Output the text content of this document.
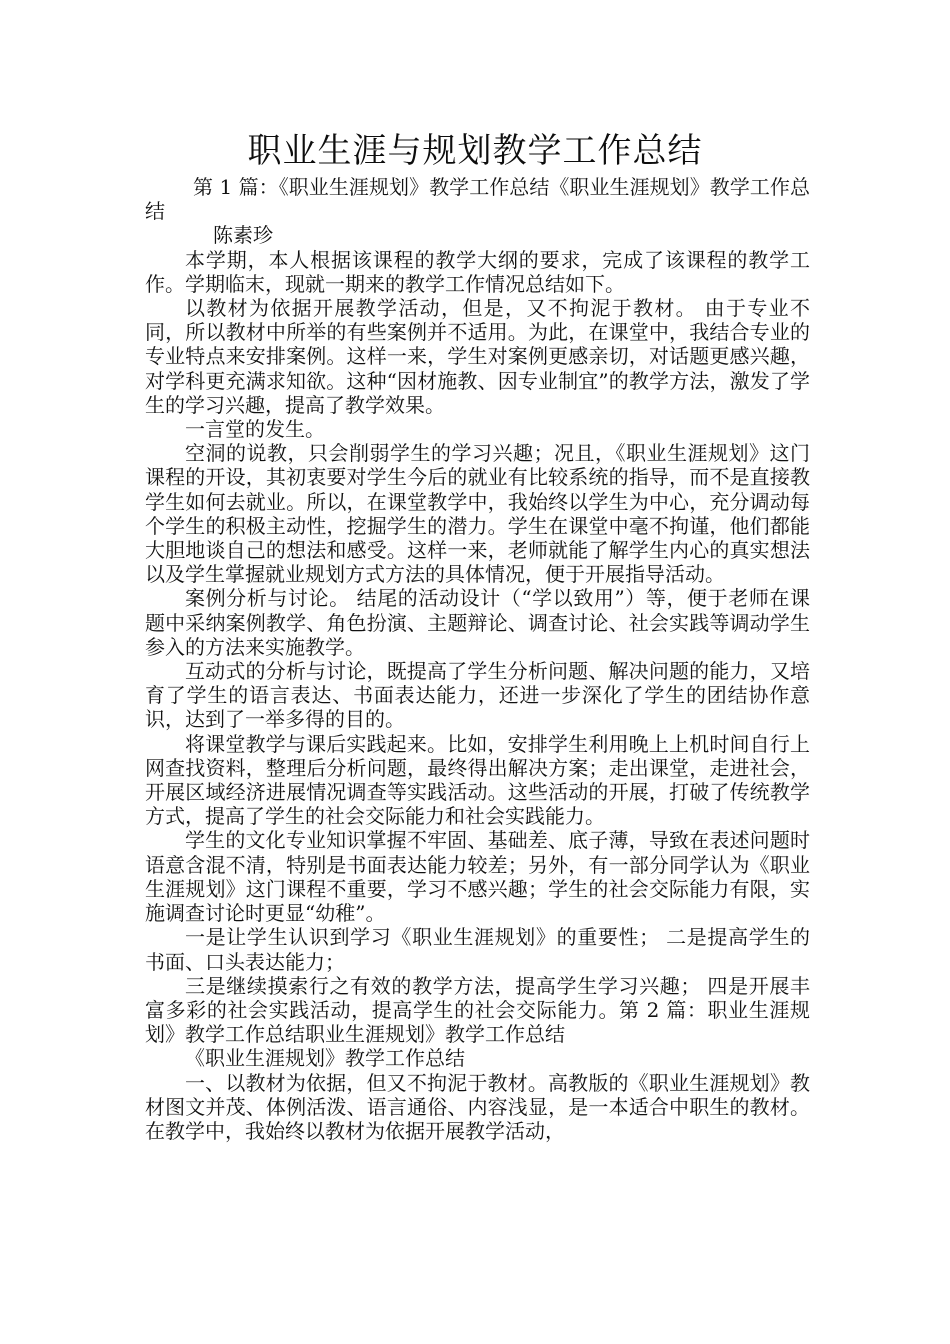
职业生涯与规划教学工作总结

第 1 篇：《职业生涯规划》教学工作总结《职业生涯规划》教学工作总结

陈素珍

本学期，本人根据该课程的教学大纲的要求，完成了该课程的教学工作。学期临末，现就一期来的教学工作情况总结如下。

以教材为依据开展教学活动，但是，又不拘泥于教材。 由于专业不同，所以教材中所举的有些案例并不适用。为此，在课堂中，我结合专业的专业特点来安排案例。这样一来，学生对案例更感亲切，对话题更感兴趣，对学科更充满求知欲。这种“因材施教、因专业制宜”的教学方法，激发了学生的学习兴趣，提高了教学效果。

一言堂的发生。

空洞的说教，只会削弱学生的学习兴趣；况且，《职业生涯规划》这门课程的开设，其初衷要对学生今后的就业有比较系统的指导，而不是直接教学生如何去就业。所以，在课堂教学中，我始终以学生为中心，充分调动每个学生的积极主动性，挖掘学生的潜力。学生在课堂中毫不拘谨，他们都能大胆地谈自己的想法和感受。这样一来，老师就能了解学生内心的真实想法以及学生掌握就业规划方式方法的具体情况，便于开展指导活动。

案例分析与讨论。 结尾的活动设计（“学以致用”）等，便于老师在课题中采纳案例教学、角色扮演、主题辩论、调查讨论、社会实践等调动学生参入的方法来实施教学。

互动式的分析与讨论，既提高了学生分析问题、解决问题的能力，又培育了学生的语言表达、书面表达能力，还进一步深化了学生的团结协作意识，达到了一举多得的目的。

将课堂教学与课后实践起来。比如，安排学生利用晚上上机时间自行上网查找资料，整理后分析问题，最终得出解决方案；走出课堂，走进社会，开展区域经济进展情况调查等实践活动。这些活动的开展，打破了传统教学方式，提高了学生的社会交际能力和社会实践能力。

学生的文化专业知识掌握不牢固、基础差、底子薄，导致在表述问题时语意含混不清，特别是书面表达能力较差；另外，有一部分同学认为《职业生涯规划》这门课程不重要，学习不感兴趣；学生的社会交际能力有限，实施调查讨论时更显“幼稚”。

一是让学生认识到学习《职业生涯规划》的重要性； 二是提高学生的书面、口头表达能力；

三是继续摸索行之有效的教学方法，提高学生学习兴趣； 四是开展丰富多彩的社会实践活动，提高学生的社会交际能力。第 2 篇：职业生涯规划》教学工作总结职业生涯规划》教学工作总结

《职业生涯规划》教学工作总结

一、以教材为依据，但又不拘泥于教材。高教版的《职业生涯规划》教材图文并茂、体例活泼、语言通俗、内容浅显，是一本适合中职生的教材。在教学中，我始终以教材为依据开展教学活动，
